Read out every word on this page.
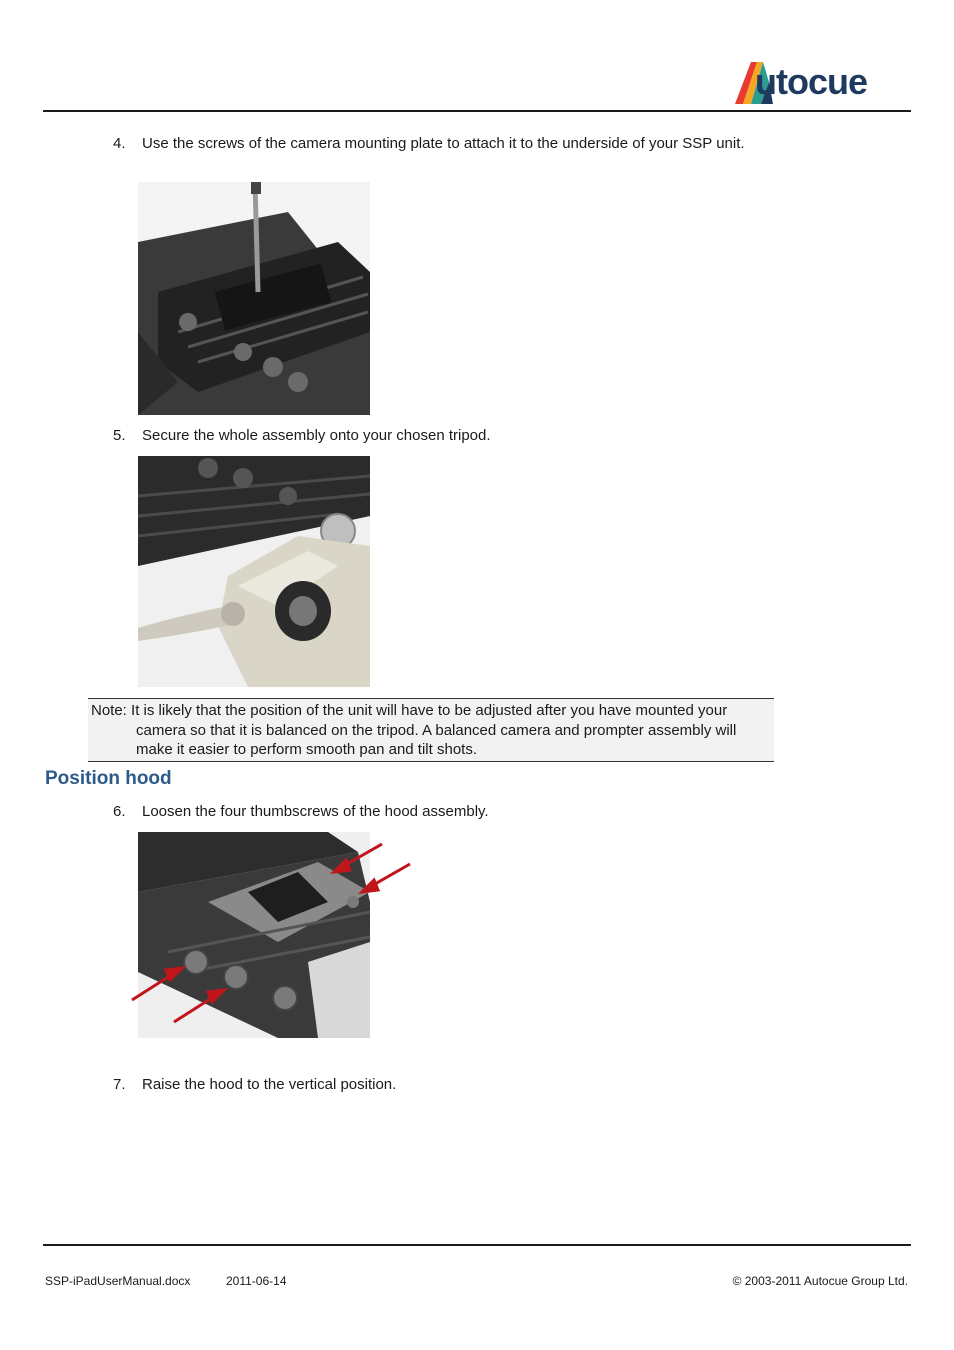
utocue
4. Use the screws of the camera mounting plate to attach it to the underside of your SSP unit.
5. Secure the whole assembly onto your chosen tripod.
Note: It is likely that the position of the unit will have to be adjusted after you have mounted your camera so that it is balanced on the tripod. A balanced camera and prompter assembly will make it easier to perform smooth pan and tilt shots.
Position hood
6. Loosen the four thumbscrews of the hood assembly.
7. Raise the hood to the vertical position.
SSP-iPadUserManual.docx	2011-06-14	© 2003-2011 Autocue Group Ltd.
